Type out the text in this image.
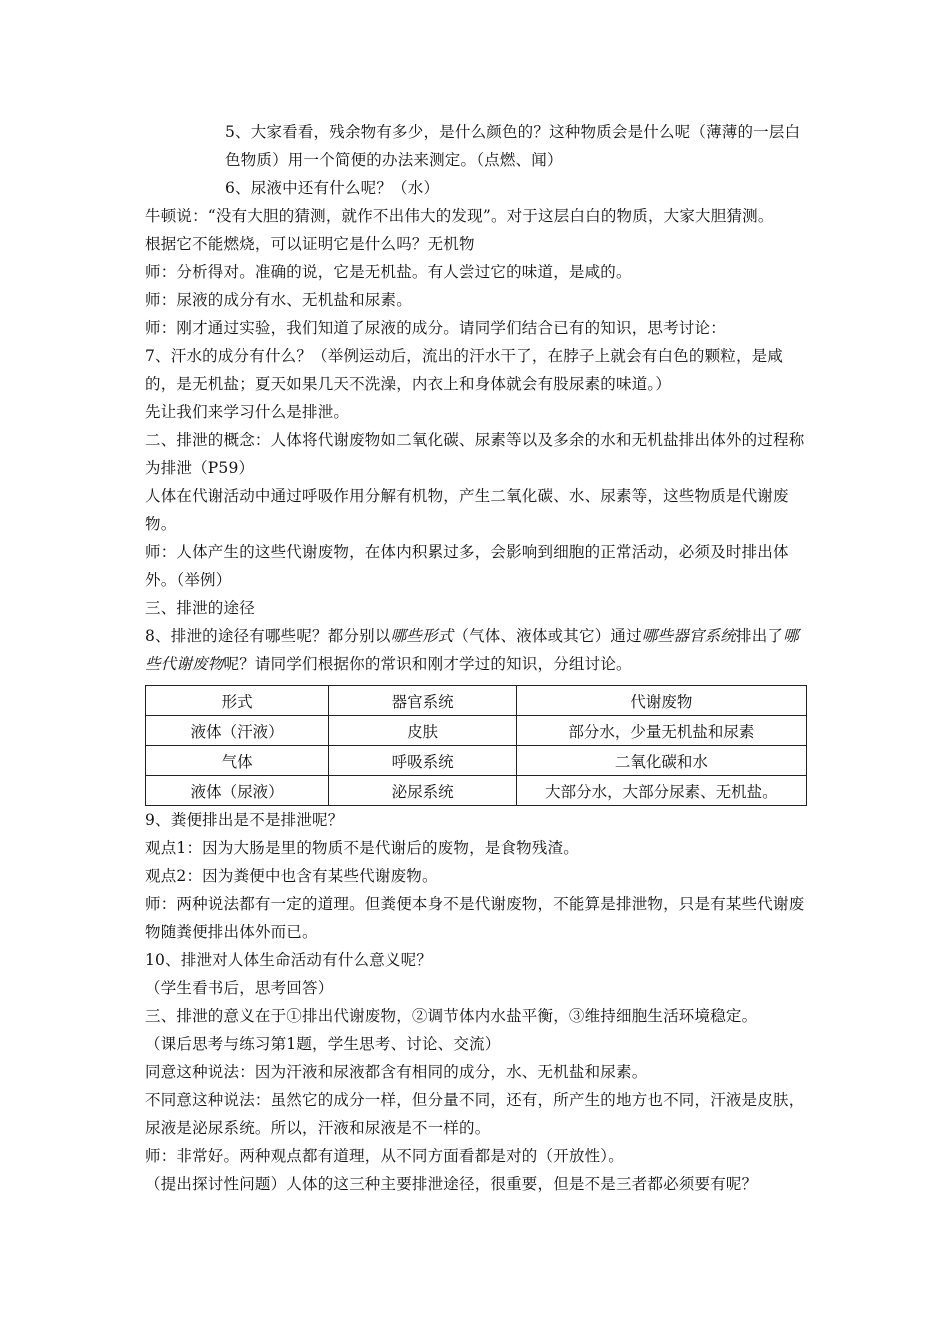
5、大家看看，残余物有多少，是什么颜色的？这种物质会是什么呢（薄薄的一层白色物质）用一个简便的办法来测定。（点燃、闻）

6、尿液中还有什么呢？（水）

牛顿说：“没有大胆的猜测，就作不出伟大的发现”。对于这层白白的物质，大家大胆猜测。

根据它不能燃烧，可以证明它是什么吗？无机物

师：分析得对。准确的说，它是无机盐。有人尝过它的味道，是咸的。

师：尿液的成分有水、无机盐和尿素。

师：刚才通过实验，我们知道了尿液的成分。请同学们结合已有的知识，思考讨论：

7、汗水的成分有什么？（举例运动后，流出的汗水干了，在脖子上就会有白色的颗粒，是咸的，是无机盐；夏天如果几天不洗澡，内衣上和身体就会有股尿素的味道。）

先让我们来学习什么是排泄。

二、排泄的概念：人体将代谢废物如二氧化碳、尿素等以及多余的水和无机盐排出体外的过程称为排泄（P59）

人体在代谢活动中通过呼吸作用分解有机物，产生二氧化碳、水、尿素等，这些物质是代谢废物。

师：人体产生的这些代谢废物，在体内积累过多，会影响到细胞的正常活动，必须及时排出体外。（举例）

三、排泄的途径

8、排泄的途径有哪些呢？都分别以哪些形式（气体、液体或其它）通过哪些器官系统排出了哪些代谢废物呢？请同学们根据你的常识和刚才学过的知识，分组讨论。

形式	器官系统	代谢废物
液体（汗液）	皮肤	部分水，少量无机盐和尿素
气体	呼吸系统	二氧化碳和水
液体（尿液）	泌尿系统	大部分水，大部分尿素、无机盐。

9、粪便排出是不是排泄呢？

观点1：因为大肠是里的物质不是代谢后的废物，是食物残渣。

观点2：因为粪便中也含有某些代谢废物。

师：两种说法都有一定的道理。但粪便本身不是代谢废物，不能算是排泄物，只是有某些代谢废物随粪便排出体外而已。

10、排泄对人体生命活动有什么意义呢？

（学生看书后，思考回答）

三、排泄的意义在于①排出代谢废物，②调节体内水盐平衡，③维持细胞生活环境稳定。

（课后思考与练习第1题，学生思考、讨论、交流）

同意这种说法：因为汗液和尿液都含有相同的成分，水、无机盐和尿素。

不同意这种说法：虽然它的成分一样，但分量不同，还有，所产生的地方也不同，汗液是皮肤，尿液是泌尿系统。所以，汗液和尿液是不一样的。

师：非常好。两种观点都有道理，从不同方面看都是对的（开放性）。

（提出探讨性问题）人体的这三种主要排泄途径，很重要，但是不是三者都必须要有呢？
